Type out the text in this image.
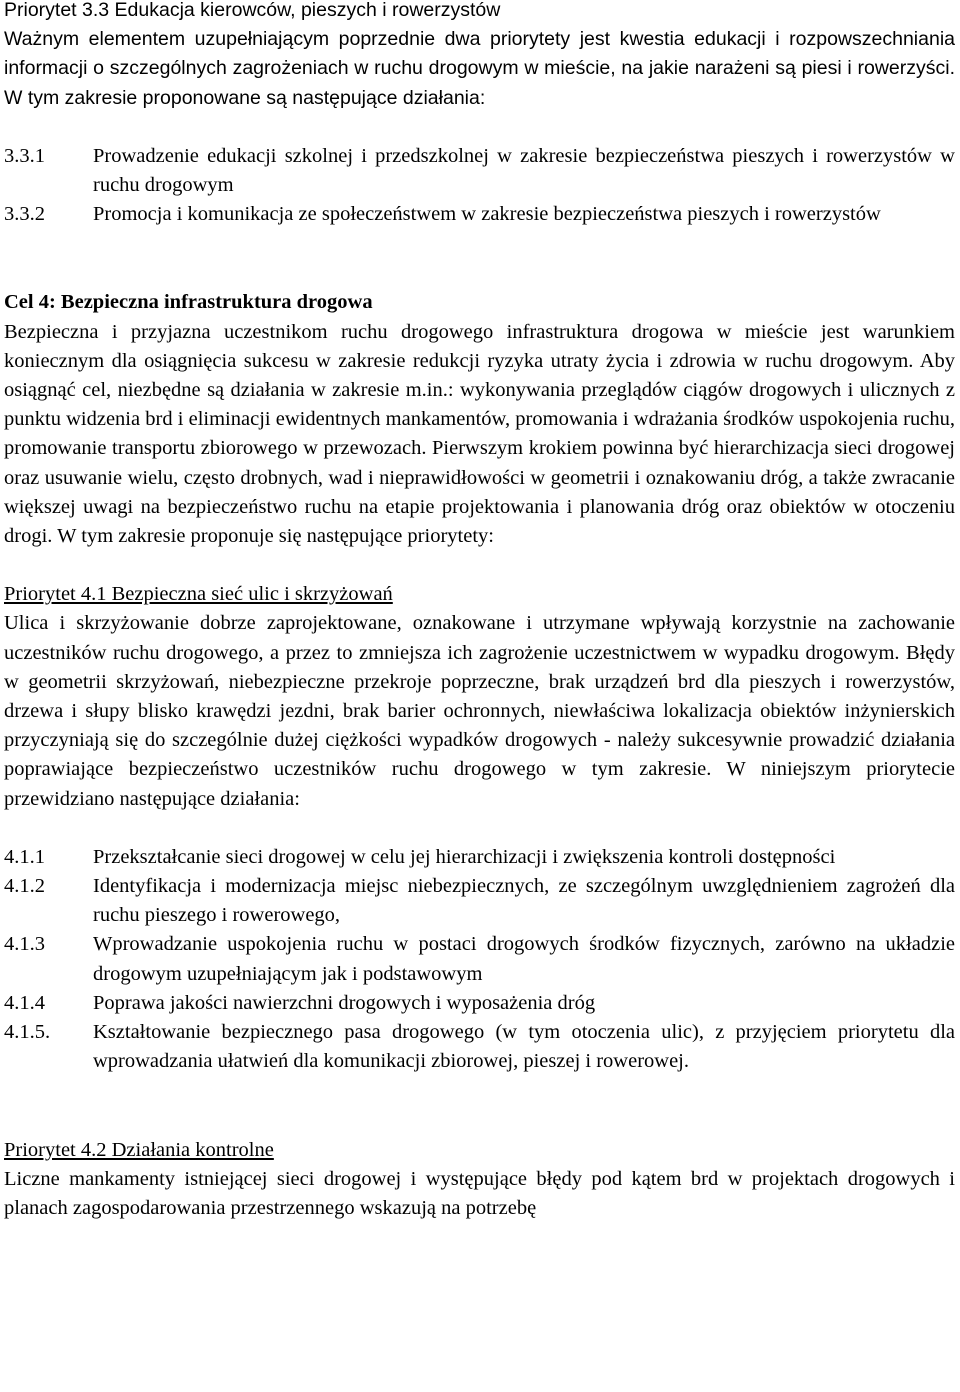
Priorytet 3.3 Edukacja kierowców, pieszych i rowerzystów

Ważnym elementem uzupełniającym poprzednie dwa priorytety jest kwestia edukacji i rozpowszechniania informacji o szczególnych zagrożeniach w ruchu drogowym w mieście, na jakie narażeni są piesi i rowerzyści. W tym zakresie proponowane są następujące działania:

3.3.1	Prowadzenie edukacji szkolnej i przedszkolnej w zakresie bezpieczeństwa pieszych i rowerzystów w ruchu drogowym
3.3.2	Promocja i komunikacja ze społeczeństwem w zakresie bezpieczeństwa pieszych i rowerzystów

Cel 4: Bezpieczna infrastruktura drogowa

Bezpieczna i przyjazna uczestnikom ruchu drogowego infrastruktura drogowa w mieście jest warunkiem koniecznym dla osiągnięcia sukcesu w zakresie redukcji ryzyka utraty życia i zdrowia w ruchu drogowym. Aby osiągnąć cel, niezbędne są działania w zakresie m.in.: wykonywania przeglądów ciągów drogowych i ulicznych z punktu widzenia brd i eliminacji ewidentnych mankamentów, promowania i wdrażania środków uspokojenia ruchu, promowanie transportu zbiorowego w przewozach. Pierwszym krokiem powinna być hierarchizacja sieci drogowej oraz usuwanie wielu, często drobnych, wad i nieprawidłowości w geometrii i oznakowaniu dróg, a także zwracanie większej uwagi na bezpieczeństwo ruchu na etapie projektowania i planowania dróg oraz obiektów w otoczeniu drogi. W tym zakresie proponuje się następujące priorytety:

Priorytet 4.1 Bezpieczna sieć ulic i skrzyżowań

Ulica i skrzyżowanie dobrze zaprojektowane, oznakowane i utrzymane wpływają korzystnie na zachowanie uczestników ruchu drogowego, a przez to zmniejsza ich zagrożenie uczestnictwem w wypadku drogowym. Błędy w geometrii skrzyżowań, niebezpieczne przekroje poprzeczne, brak urządzeń brd dla pieszych i rowerzystów, drzewa i słupy blisko krawędzi jezdni, brak barier ochronnych, niewłaściwa lokalizacja obiektów inżynierskich przyczyniają się do szczególnie dużej ciężkości wypadków drogowych - należy sukcesywnie prowadzić działania poprawiające bezpieczeństwo uczestników ruchu drogowego w tym zakresie. W niniejszym priorytecie przewidziano następujące działania:

4.1.1	Przekształcanie sieci drogowej w celu jej hierarchizacji i zwiększenia kontroli dostępności
4.1.2	Identyfikacja i modernizacja miejsc niebezpiecznych, ze szczególnym uwzględnieniem zagrożeń dla ruchu pieszego i rowerowego,
4.1.3	Wprowadzanie uspokojenia ruchu w postaci drogowych środków fizycznych, zarówno na układzie drogowym uzupełniającym jak i podstawowym
4.1.4	Poprawa jakości nawierzchni drogowych i wyposażenia dróg
4.1.5.	Kształtowanie bezpiecznego pasa drogowego (w tym otoczenia ulic), z przyjęciem priorytetu dla wprowadzania ułatwień dla komunikacji zbiorowej, pieszej i rowerowej.

Priorytet 4.2 Działania kontrolne

Liczne mankamenty istniejącej sieci drogowej i występujące błędy pod kątem brd w projektach drogowych i planach zagospodarowania przestrzennego wskazują na potrzebę
